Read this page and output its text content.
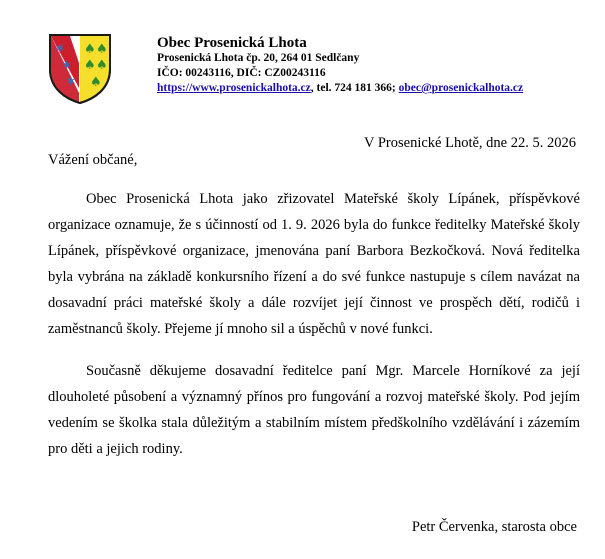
✶
✶
✶
♠ ♠
♠ ♠
♠
Obec Prosenická Lhota
Prosenická Lhota čp. 20, 264 01 Sedlčany
IČO: 00243116, DIČ: CZ00243116
https://www.prosenickalhota.cz, tel. 724 181 366; obec@prosenickalhota.cz
V Prosenické Lhotě, dne 22. 5. 2026
Vážení občané,

Obec Prosenická Lhota jako zřizovatel Mateřské školy Lípánek, příspěvkové organizace oznamuje, že s účinností od 1. 9. 2026 byla do funkce ředitelky Mateřské školy Lípánek, příspěvkové organizace, jmenována paní Barbora Bezkočková. Nová ředitelka byla vybrána na základě konkursního řízení a do své funkce nastupuje s cílem navázat na dosavadní práci mateřské školy a dále rozvíjet její činnost ve prospěch dětí, rodičů i zaměstnanců školy. Přejeme jí mnoho sil a úspěchů v nové funkci.

Současně děkujeme dosavadní ředitelce paní Mgr. Marcele Horníkové za její dlouholeté působení a významný přínos pro fungování a rozvoj mateřské školy. Pod jejím vedením se školka stala důležitým a stabilním místem předškolního vzdělávání i zázemím pro děti a jejich rodiny.

Petr Červenka, starosta obce
